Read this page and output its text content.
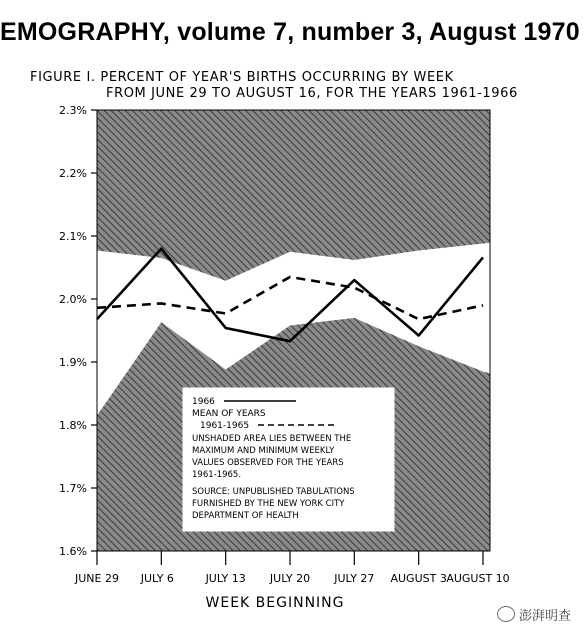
EMOGRAPHY, volume 7, number 3, August 1970
FIGURE I. PERCENT OF YEAR'S BIRTHS OCCURRING BY WEEK
FROM JUNE 29 TO AUGUST 16, FOR THE YEARS 1961-1966
1.6%
1.7%
1.8%
1.9%
2.0%
2.1%
2.2%
2.3%
JUNE 29 JULY 6	JULY 13 JULY 20 JULY 27 AUGUST 3 AUGUST 10
1966
MEAN OF YEARS
1961-1965
UNSHADED AREA LIES BETWEEN THE
MAXIMUM AND MINIMUM WEEKLY
VALUES OBSERVED FOR THE YEARS
1961-1965.
SOURCE: UNPUBLISHED TABULATIONS
FURNISHED BY THE NEW YORK CITY
DEPARTMENT OF HEALTH
WEEK BEGINNING
澎湃明查
